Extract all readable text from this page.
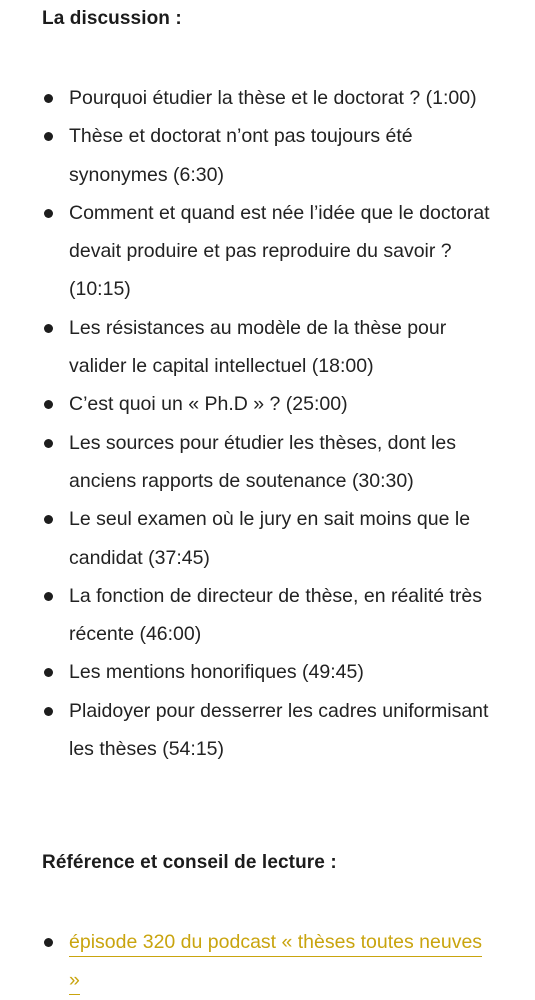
La discussion :
Pourquoi étudier la thèse et le doctorat ? (1:00)
Thèse et doctorat n’ont pas toujours été synonymes (6:30)
Comment et quand est née l’idée que le doctorat devait produire et pas reproduire du savoir ? (10:15)
Les résistances au modèle de la thèse pour valider le capital intellectuel (18:00)
C’est quoi un « Ph.D » ? (25:00)
Les sources pour étudier les thèses, dont les anciens rapports de soutenance (30:30)
Le seul examen où le jury en sait moins que le candidat (37:45)
La fonction de directeur de thèse, en réalité très récente (46:00)
Les mentions honorifiques (49:45)
Plaidoyer pour desserrer les cadres uniformisant les thèses (54:15)
Référence et conseil de lecture :
épisode 320 du podcast « thèses toutes neuves »
